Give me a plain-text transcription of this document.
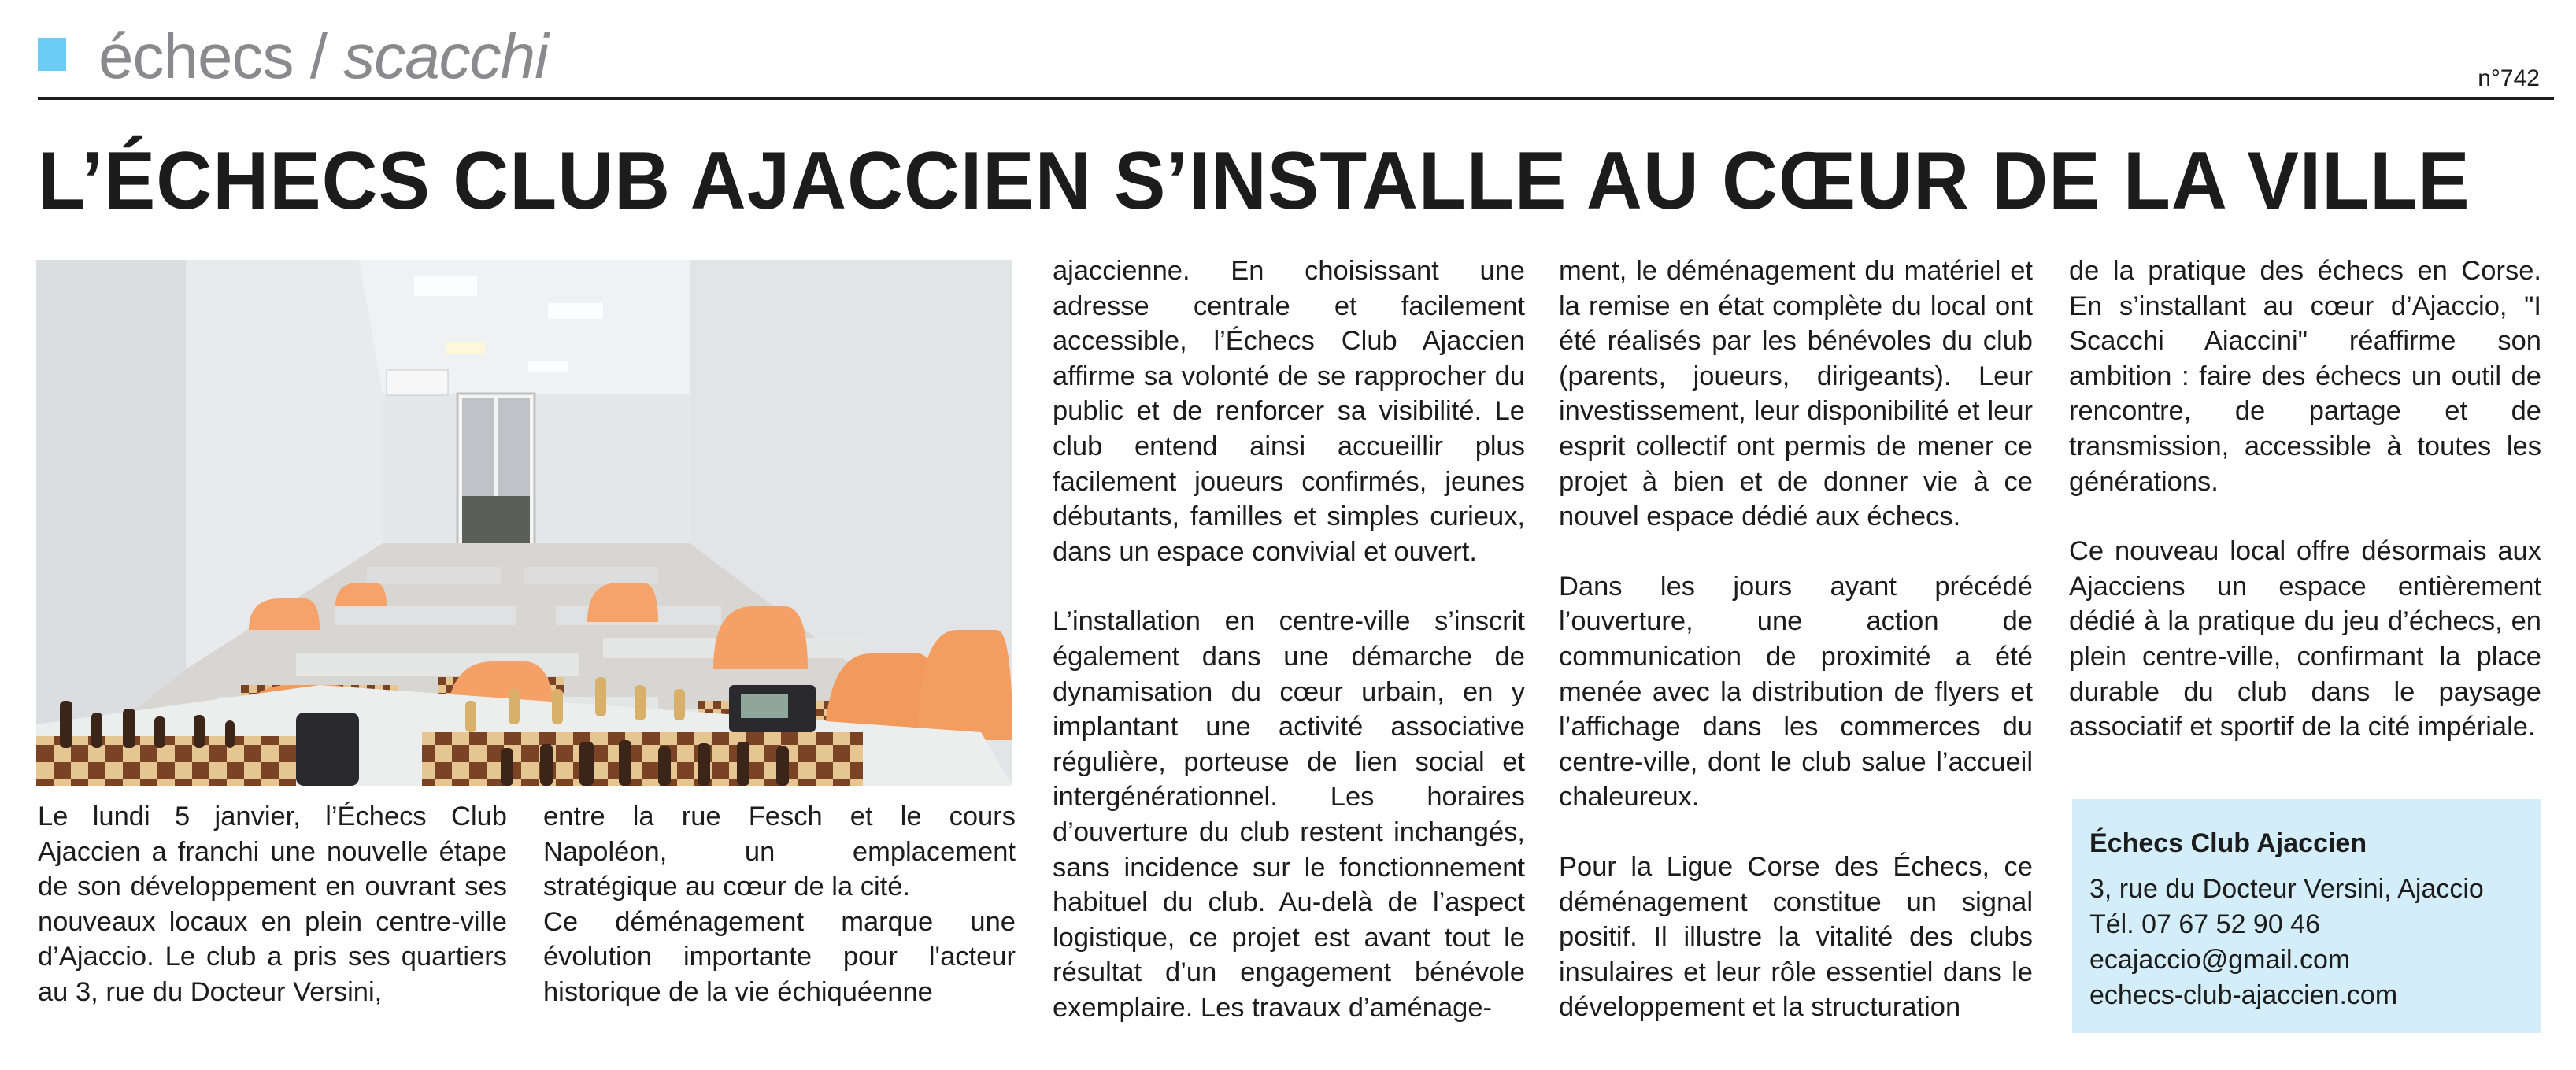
échecs / scacchi	n°742
L’ÉCHECS CLUB AJACCIEN S’INSTALLE AU CŒUR DE LA VILLE

Le lundi 5 janvier, l’Échecs Club Ajaccien a franchi une nouvelle étape de son développement en ouvrant ses nouveaux locaux en plein centre-ville d’Ajaccio. Le club a pris ses quartiers au 3, rue du Docteur Versini,

entre la rue Fesch et le cours Napoléon, un emplacement stratégique au cœur de la cité.

Ce déménagement marque une évolution importante pour l'acteur historique de la vie échiquéenne

ajaccienne. En choisissant une adresse centrale et facilement accessible, l’Échecs Club Ajaccien affirme sa volonté de se rapprocher du public et de renforcer sa visibilité. Le club entend ainsi accueillir plus facilement joueurs confirmés, jeunes débutants, familles et simples curieux, dans un espace convivial et ouvert.

L’installation en centre-ville s’inscrit également dans une démarche de dynamisation du cœur urbain, en y implantant une activité associative régulière, porteuse de lien social et intergénérationnel. Les horaires d’ouverture du club restent inchangés, sans incidence sur le fonctionnement habituel du club. Au-delà de l’aspect logistique, ce projet est avant tout le résultat d’un engagement bénévole exemplaire. Les travaux d’aménage-

ment, le déménagement du matériel et la remise en état complète du local ont été réalisés par les bénévoles du club (parents, joueurs, dirigeants). Leur investissement, leur disponibilité et leur esprit collectif ont permis de mener ce projet à bien et de donner vie à ce nouvel espace dédié aux échecs.

Dans les jours ayant précédé l’ouverture, une action de communication de proximité a été menée avec la distribution de flyers et l’affichage dans les commerces du centre-ville, dont le club salue l’accueil chaleureux.

Pour la Ligue Corse des Échecs, ce déménagement constitue un signal positif. Il illustre la vitalité des clubs insulaires et leur rôle essentiel dans le développement et la structuration

de la pratique des échecs en Corse. En s’installant au cœur d’Ajaccio, "I Scacchi Aiaccini" réaffirme son ambition : faire des échecs un outil de rencontre, de partage et de transmission, accessible à toutes les générations.

Ce nouveau local offre désormais aux Ajacciens un espace entièrement dédié à la pratique du jeu d’échecs, en plein centre-ville, confirmant la place durable du club dans le paysage associatif et sportif de la cité impériale.

Échecs Club Ajaccien
3, rue du Docteur Versini, Ajaccio
Tél. 07 67 52 90 46
ecajaccio@gmail.com
echecs-club-ajaccien.com
